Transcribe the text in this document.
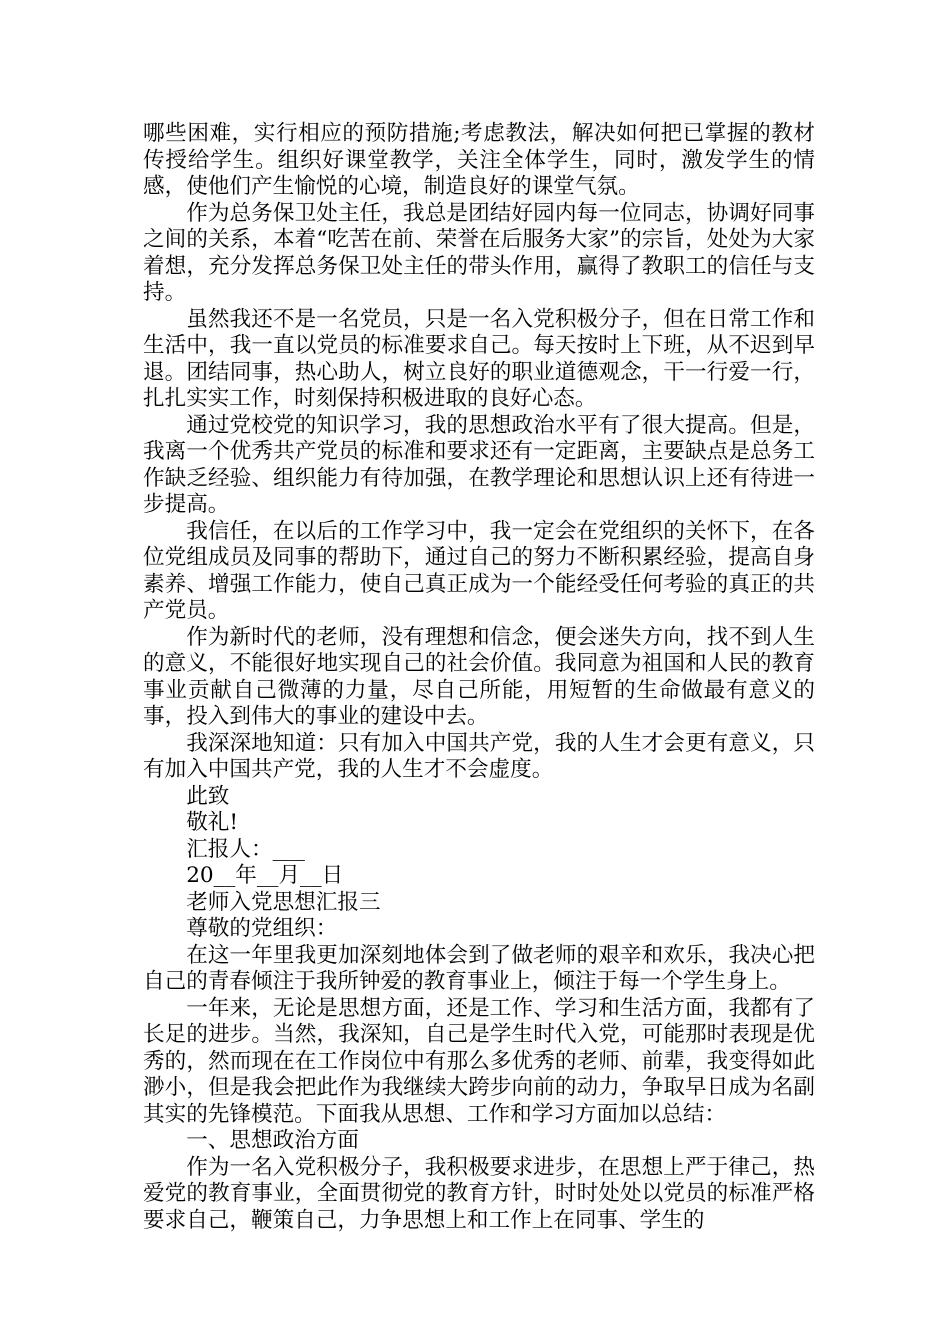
哪些困难，实行相应的预防措施;考虑教法，解决如何把已掌握的教材传授给学生。组织好课堂教学，关注全体学生，同时，激发学生的情感，使他们产生愉悦的心境，制造良好的课堂气氛。

作为总务保卫处主任，我总是团结好园内每一位同志，协调好同事之间的关系，本着“吃苦在前、荣誉在后服务大家”的宗旨，处处为大家着想，充分发挥总务保卫处主任的带头作用，赢得了教职工的信任与支持。

虽然我还不是一名党员，只是一名入党积极分子，但在日常工作和生活中，我一直以党员的标准要求自己。每天按时上下班，从不迟到早退。团结同事，热心助人，树立良好的职业道德观念，干一行爱一行，扎扎实实工作，时刻保持积极进取的良好心态。

通过党校党的知识学习，我的思想政治水平有了很大提高。但是，我离一个优秀共产党员的标准和要求还有一定距离，主要缺点是总务工作缺乏经验、组织能力有待加强，在教学理论和思想认识上还有待进一步提高。

我信任，在以后的工作学习中，我一定会在党组织的关怀下，在各位党组成员及同事的帮助下，通过自己的努力不断积累经验，提高自身素养、增强工作能力，使自己真正成为一个能经受任何考验的真正的共产党员。

作为新时代的老师，没有理想和信念，便会迷失方向，找不到人生的意义，不能很好地实现自己的社会价值。我同意为祖国和人民的教育事业贡献自己微薄的力量，尽自己所能，用短暂的生命做最有意义的事，投入到伟大的事业的建设中去。

我深深地知道：只有加入中国共产党，我的人生才会更有意义，只有加入中国共产党，我的人生才不会虚度。

此致

敬礼!

汇报人：___

20__年__月__日

老师入党思想汇报三

尊敬的党组织：

在这一年里我更加深刻地体会到了做老师的艰辛和欢乐，我决心把自己的青春倾注于我所钟爱的教育事业上，倾注于每一个学生身上。

一年来，无论是思想方面，还是工作、学习和生活方面，我都有了长足的进步。当然，我深知，自己是学生时代入党，可能那时表现是优秀的，然而现在在工作岗位中有那么多优秀的老师、前辈，我变得如此渺小，但是我会把此作为我继续大跨步向前的动力，争取早日成为名副其实的先锋模范。下面我从思想、工作和学习方面加以总结：

一、思想政治方面

作为一名入党积极分子，我积极要求进步，在思想上严于律己，热爱党的教育事业，全面贯彻党的教育方针，时时处处以党员的标准严格要求自己，鞭策自己，力争思想上和工作上在同事、学生的
